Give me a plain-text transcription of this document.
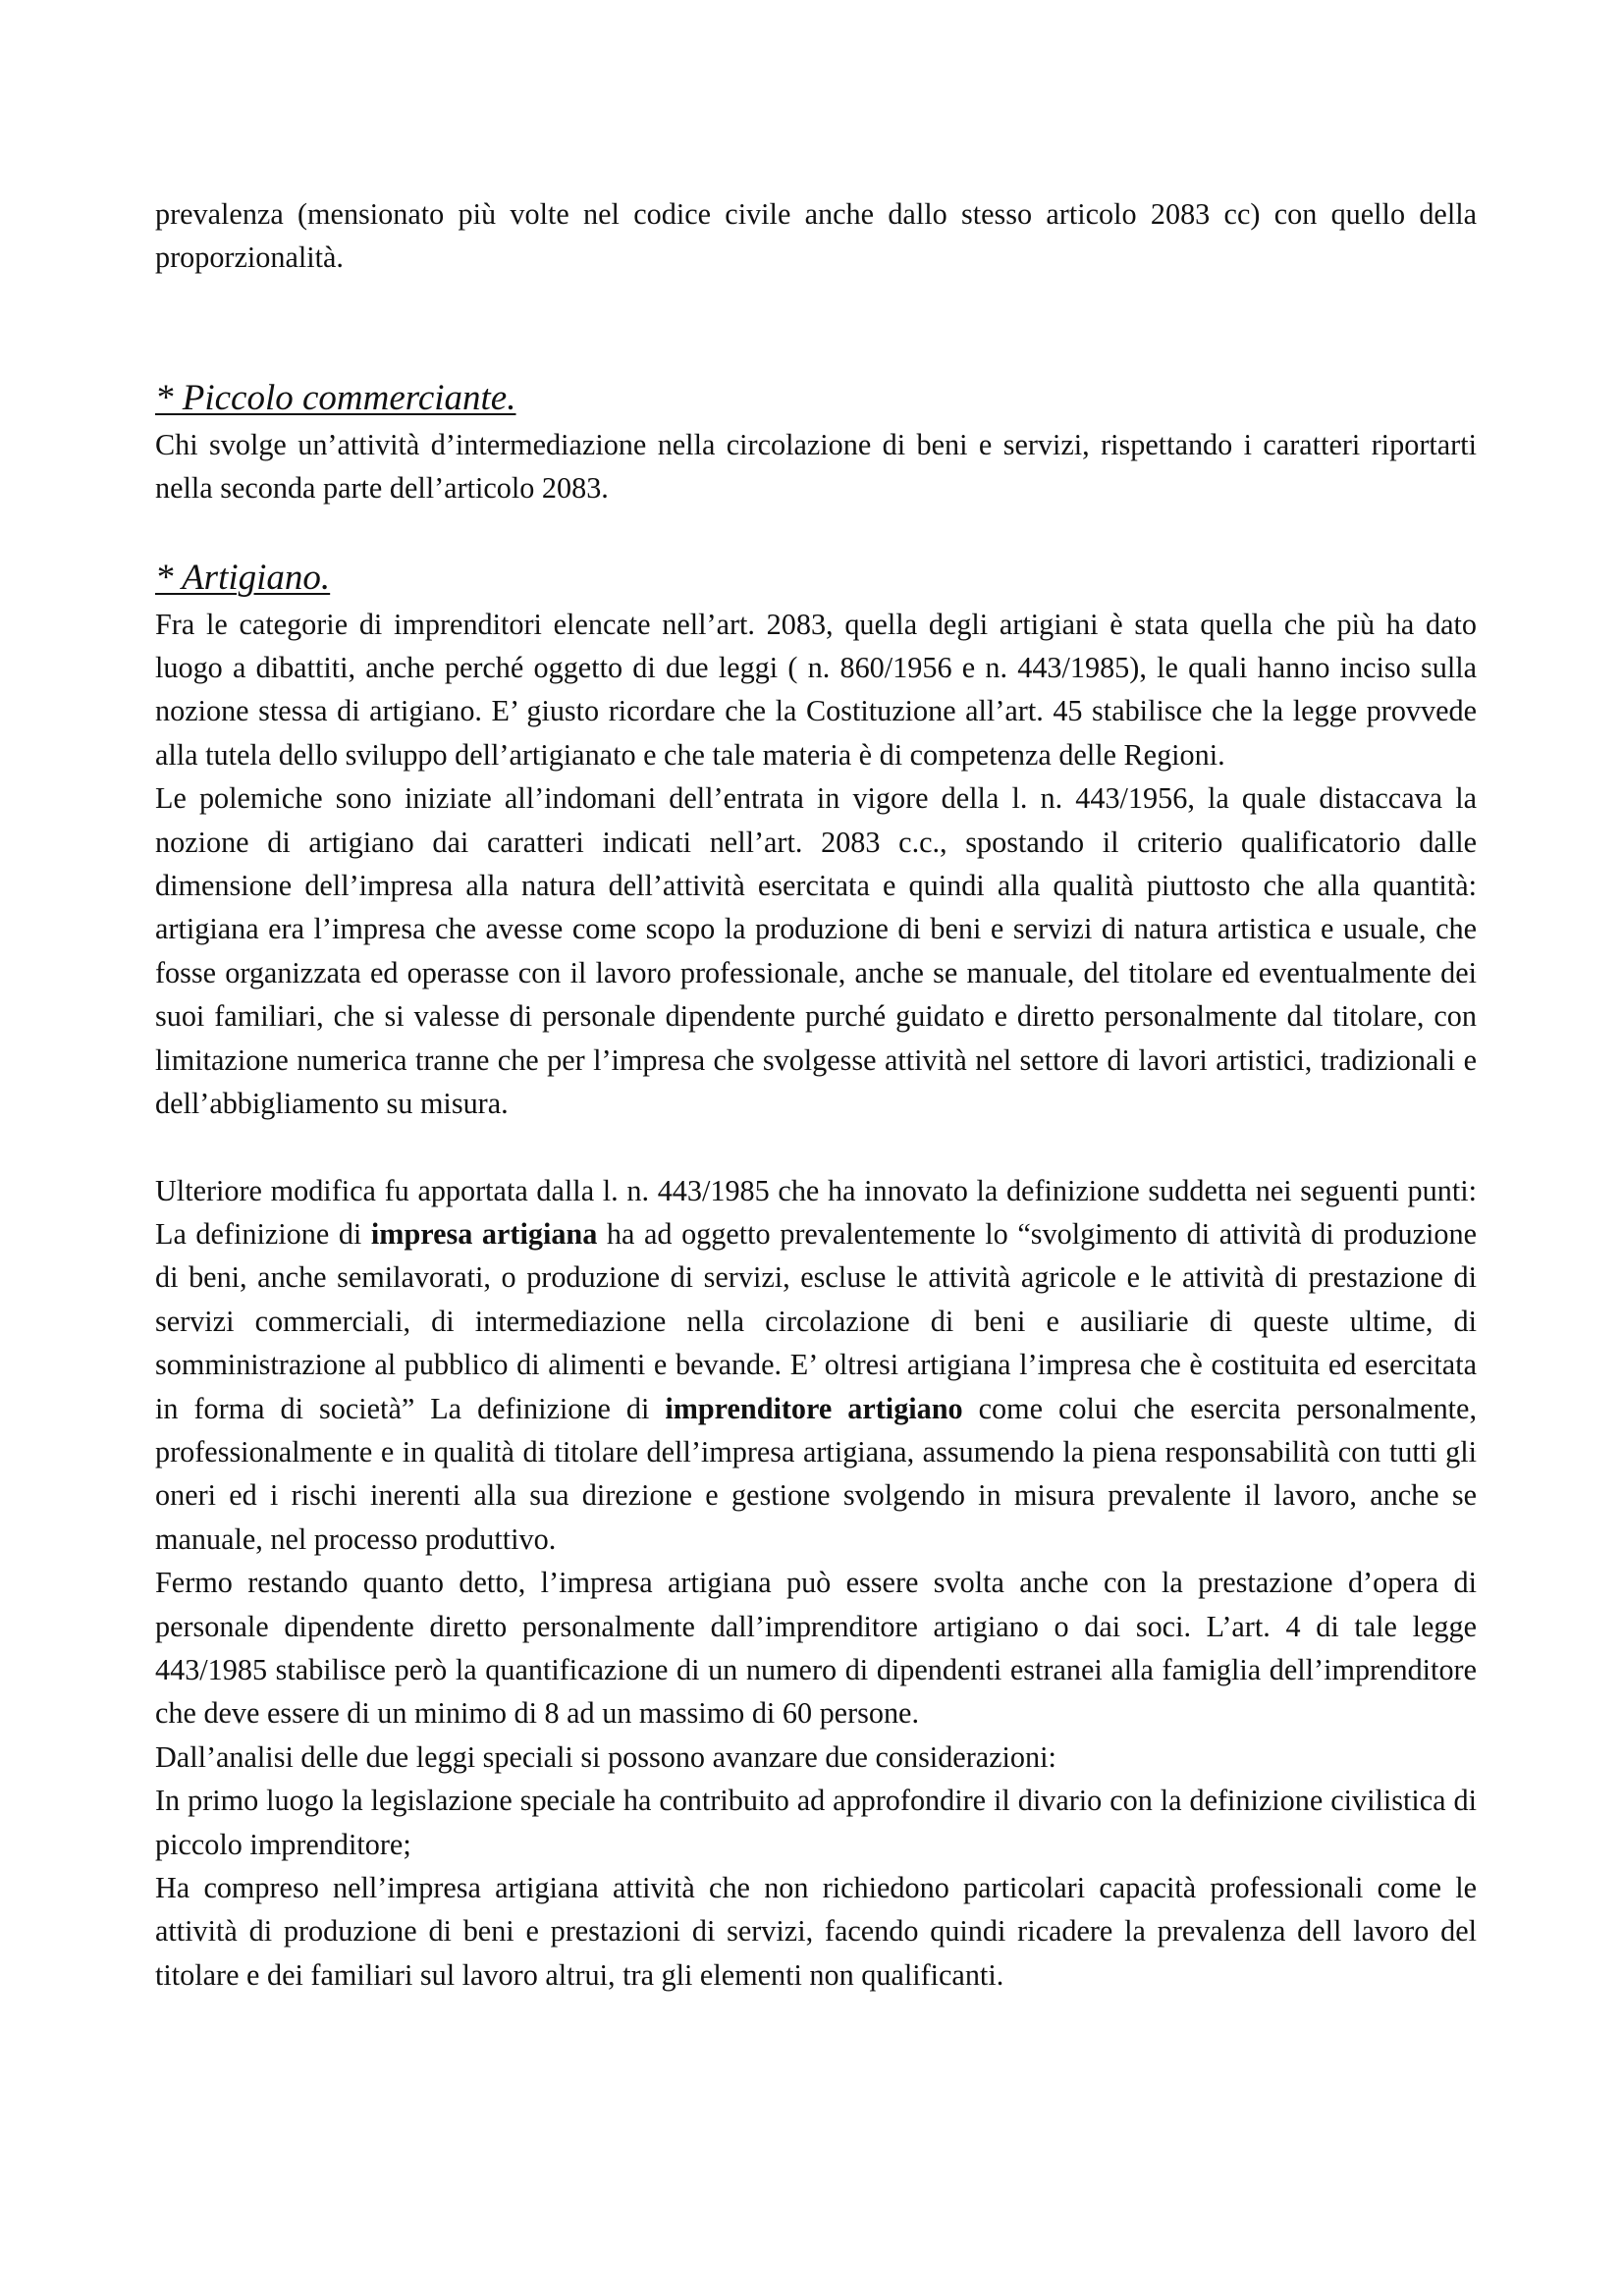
prevalenza (mensionato più volte nel codice civile anche dallo stesso articolo 2083 cc) con quello della proporzionalità.

* Piccolo commerciante.

Chi svolge un’attività d’intermediazione nella circolazione di beni e servizi, rispettando i caratteri riportarti nella seconda parte dell’articolo 2083.

* Artigiano.

Fra le categorie di imprenditori elencate nell’art. 2083, quella degli artigiani è stata quella che più ha dato luogo a dibattiti, anche perché oggetto di due leggi ( n. 860/1956 e n. 443/1985), le quali hanno inciso sulla nozione stessa di artigiano. E’ giusto ricordare che la Costituzione all’art. 45 stabilisce che la legge provvede alla tutela dello sviluppo dell’artigianato e che tale materia è di competenza delle Regioni.

Le polemiche sono iniziate all’indomani dell’entrata in vigore della l. n. 443/1956, la quale distaccava la nozione di artigiano dai caratteri indicati nell’art. 2083 c.c., spostando il criterio qualificatorio dalle dimensione dell’impresa alla natura dell’attività esercitata e quindi alla qualità piuttosto che alla quantità: artigiana era l’impresa che avesse come scopo la produzione di beni e servizi di natura artistica e usuale, che fosse organizzata ed operasse con il lavoro professionale, anche se manuale, del titolare ed eventualmente dei suoi familiari, che si valesse di personale dipendente purché guidato e diretto personalmente dal titolare, con limitazione numerica tranne che per l’impresa che svolgesse attività nel settore di lavori artistici, tradizionali e dell’abbigliamento su misura.

Ulteriore modifica fu apportata dalla l. n. 443/1985 che ha innovato la definizione suddetta nei seguenti punti: La definizione di impresa artigiana ha ad oggetto prevalentemente lo “svolgimento di attività di produzione di beni, anche semilavorati, o produzione di servizi, escluse le attività agricole e le attività di prestazione di servizi commerciali, di intermediazione nella circolazione di beni e ausiliarie di queste ultime, di somministrazione al pubblico di alimenti e bevande. E’ oltresi artigiana l’impresa che è costituita ed esercitata in forma di società” La definizione di imprenditore artigiano come colui che esercita personalmente, professionalmente e in qualità di titolare dell’impresa artigiana, assumendo la piena responsabilità con tutti gli oneri ed i rischi inerenti alla sua direzione e gestione svolgendo in misura prevalente il lavoro, anche se manuale, nel processo produttivo.

Fermo restando quanto detto, l’impresa artigiana può essere svolta anche con la prestazione d’opera di personale dipendente diretto personalmente dall’imprenditore artigiano o dai soci. L’art. 4 di tale legge 443/1985 stabilisce però la quantificazione di un numero di dipendenti estranei alla famiglia dell’imprenditore che deve essere di un minimo di 8 ad un massimo di 60 persone.

Dall’analisi delle due leggi speciali si possono avanzare due considerazioni:

In primo luogo la legislazione speciale ha contribuito ad approfondire il divario con la definizione civilistica di piccolo imprenditore;

Ha compreso nell’impresa artigiana attività che non richiedono particolari capacità professionali come le attività di produzione di beni e prestazioni di servizi, facendo quindi ricadere la prevalenza dell lavoro del titolare e dei familiari sul lavoro altrui, tra gli elementi non qualificanti.
